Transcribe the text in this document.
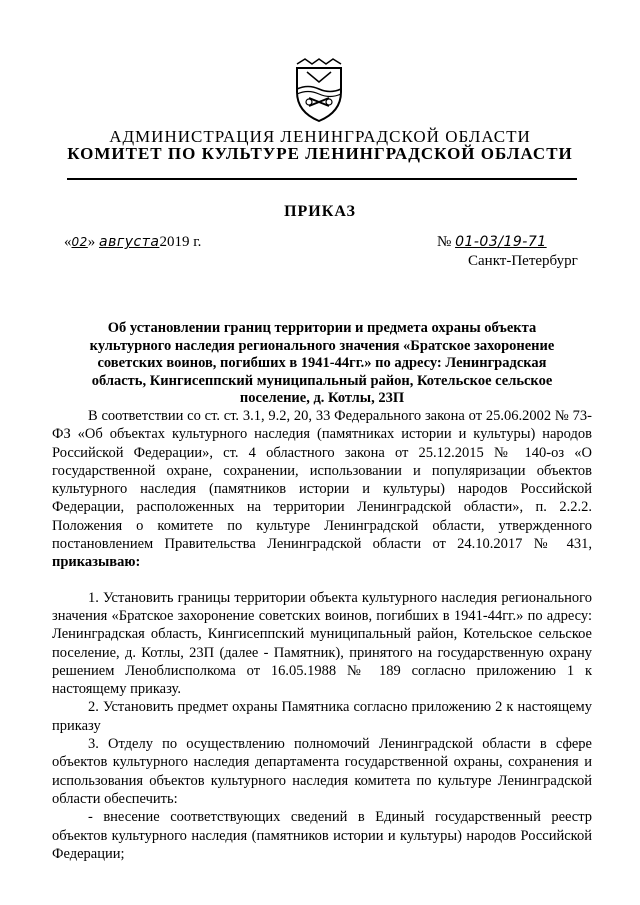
АДМИНИСТРАЦИЯ ЛЕНИНГРАДСКОЙ ОБЛАСТИ
КОМИТЕТ ПО КУЛЬТУРЕ ЛЕНИНГРАДСКОЙ ОБЛАСТИ
ПРИКАЗ
«02» августа2019 г.	№ 01-03/19-71
Санкт-Петербург
Об установлении границ территории и предмета охраны объекта культурного наследия регионального значения «Братское захоронение советских воинов, погибших в 1941-44гг.» по адресу: Ленинградская область, Кингисеппский муниципальный район, Котельское сельское поселение, д. Котлы, 23П

В соответствии со ст. ст. 3.1, 9.2, 20, 33 Федерального закона от 25.06.2002 № 73-ФЗ «Об объектах культурного наследия (памятниках истории и культуры) народов Российской Федерации», ст. 4 областного закона от 25.12.2015 № 140-оз «О государственной охране, сохранении, использовании и популяризации объектов культурного наследия (памятников истории и культуры) народов Российской Федерации, расположенных на территории Ленинградской области», п. 2.2.2. Положения о комитете по культуре Ленинградской области, утвержденного постановлением Правительства Ленинградской области от 24.10.2017 № 431, приказываю:

1. Установить границы территории объекта культурного наследия регионального значения «Братское захоронение советских воинов, погибших в 1941-44гг.» по адресу: Ленинградская область, Кингисеппский муниципальный район, Котельское сельское поселение, д. Котлы, 23П (далее - Памятник), принятого на государственную охрану решением Леноблисполкома от 16.05.1988 № 189 согласно приложению 1 к настоящему приказу.

2. Установить предмет охраны Памятника согласно приложению 2 к настоящему приказу

3. Отделу по осуществлению полномочий Ленинградской области в сфере объектов культурного наследия департамента государственной охраны, сохранения и использования объектов культурного наследия комитета по культуре Ленинградской области обеспечить:

- внесение соответствующих сведений в Единый государственный реестр объектов культурного наследия (памятников истории и культуры) народов Российской Федерации;
